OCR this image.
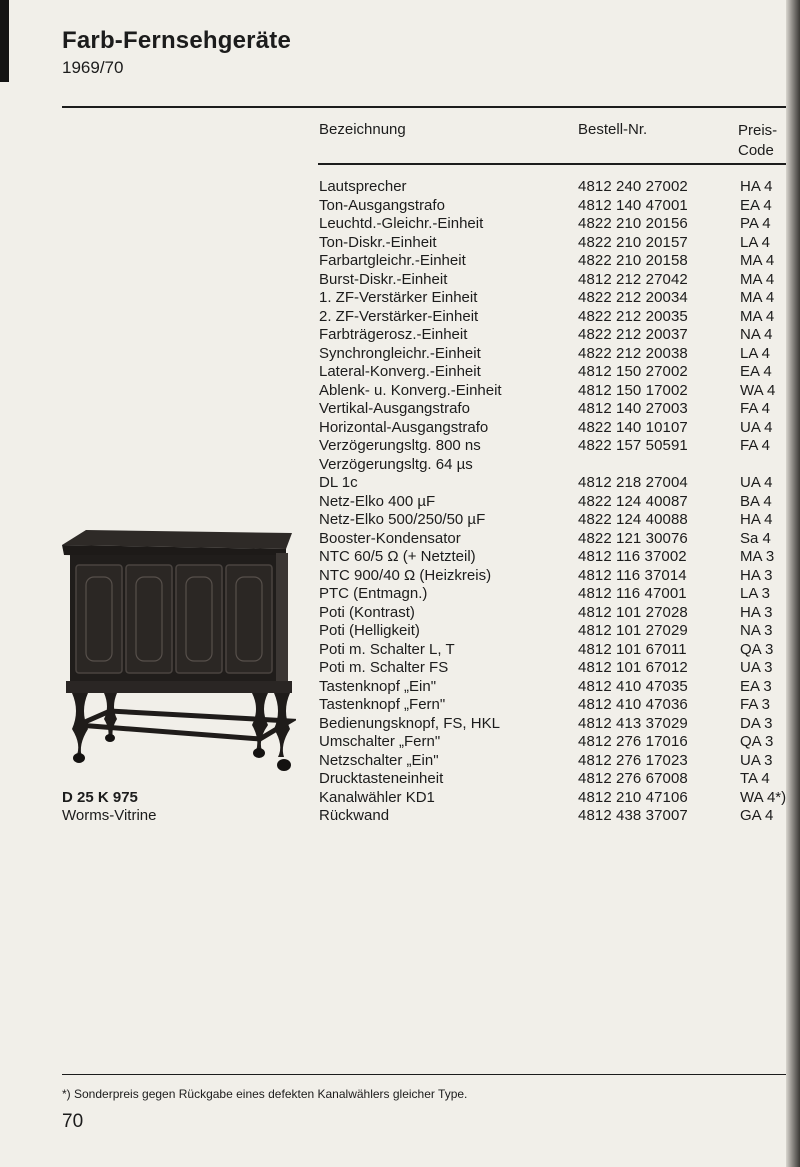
Farb-Fernsehgeräte
1969/70
Bezeichnung	Bestell-Nr.	Preis-
Code
Lautsprecher	4812 240 27002	HA 4
Ton-Ausgangstrafo	4812 140 47001	EA 4
Leuchtd.-Gleichr.-Einheit	4822 210 20156	PA 4
Ton-Diskr.-Einheit	4822 210 20157	LA 4
Farbartgleichr.-Einheit	4822 210 20158	MA 4
Burst-Diskr.-Einheit	4812 212 27042	MA 4
1. ZF-Verstärker Einheit	4822 212 20034	MA 4
2. ZF-Verstärker-Einheit	4822 212 20035	MA 4
Farbträgerosz.-Einheit	4822 212 20037	NA 4
Synchrongleichr.-Einheit	4822 212 20038	LA 4
Lateral-Konverg.-Einheit	4812 150 27002	EA 4
Ablenk- u. Konverg.-Einheit	4812 150 17002	WA 4
Vertikal-Ausgangstrafo	4812 140 27003	FA 4
Horizontal-Ausgangstrafo	4822 140 10107	UA 4
Verzögerungsltg. 800 ns	4822 157 50591	FA 4
Verzögerungsltg. 64 µs
DL 1c	4812 218 27004	UA 4
Netz-Elko 400 µF	4822 124 40087	BA 4
Netz-Elko 500/250/50 µF	4822 124 40088	HA 4
Booster-Kondensator	4822 121 30076	Sa 4
NTC 60/5 Ω (+ Netzteil)	4812 116 37002	MA 3
NTC 900/40 Ω (Heizkreis)	4812 116 37014	HA 3
PTC (Entmagn.)	4812 116 47001	LA 3
Poti (Kontrast)	4812 101 27028	HA 3
Poti (Helligkeit)	4812 101 27029	NA 3
Poti m. Schalter L, T	4812 101 67011	QA 3
Poti m. Schalter FS	4812 101 67012	UA 3
Tastenknopf „Ein"	4812 410 47035	EA 3
Tastenknopf „Fern"	4812 410 47036	FA 3
Bedienungsknopf, FS, HKL	4812 413 37029	DA 3
Umschalter „Fern"	4812 276 17016	QA 3
Netzschalter „Ein"	4812 276 17023	UA 3
Drucktasteneinheit	4812 276 67008	TA 4
Kanalwähler KD1	4812 210 47106	WA 4*)
Rückwand	4812 438 37007	GA 4
D 25 K 975
Worms-Vitrine
*) Sonderpreis gegen Rückgabe eines defekten Kanalwählers gleicher Type.
70
